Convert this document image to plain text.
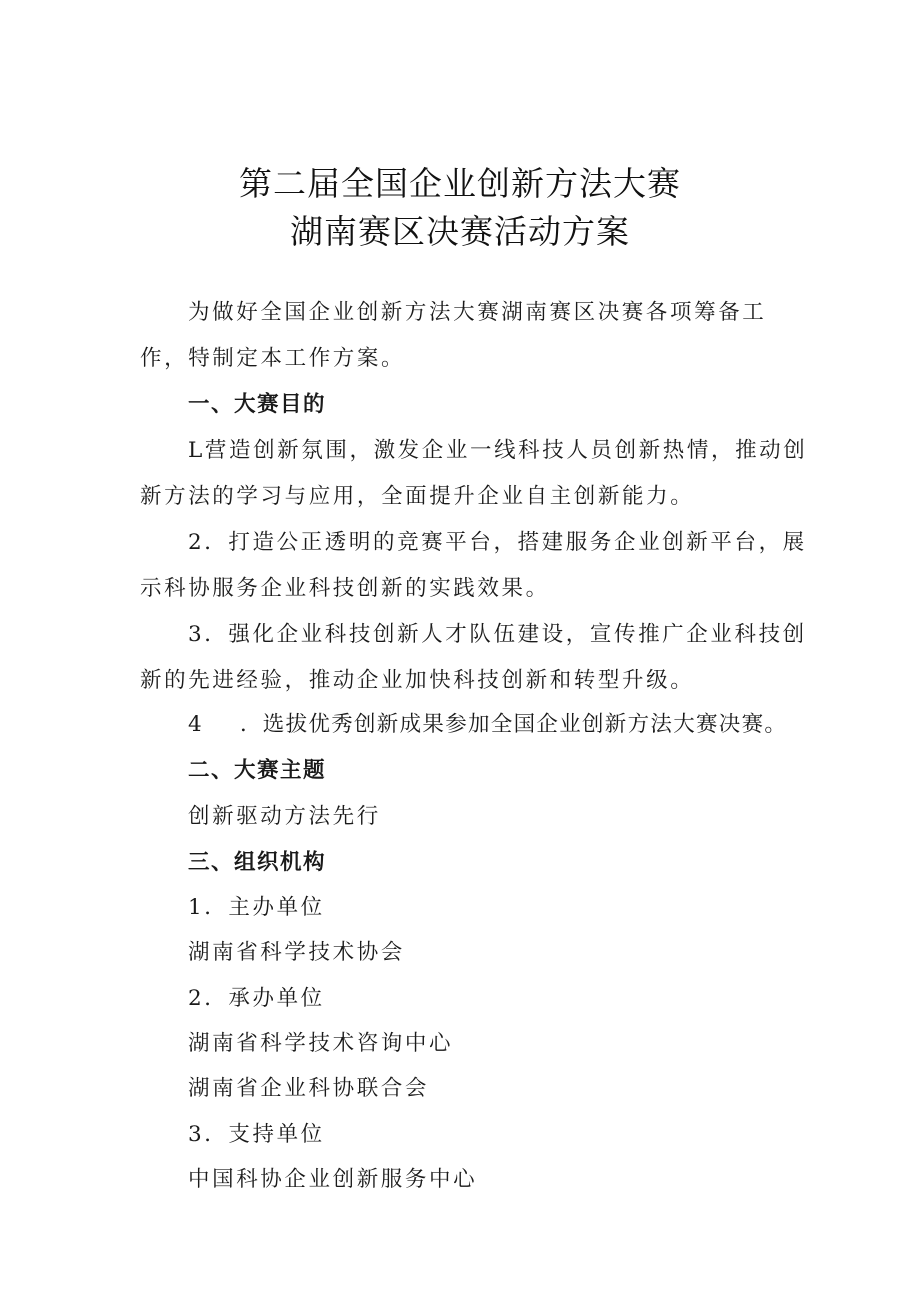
第二届全国企业创新方法大赛
湖南赛区决赛活动方案
为做好全国企业创新方法大赛湖南赛区决赛各项筹备工
作，特制定本工作方案。
一、大赛目的
L营造创新氛围，激发企业一线科技人员创新热情，推动创
新方法的学习与应用，全面提升企业自主创新能力。
2．打造公正透明的竞赛平台，搭建服务企业创新平台，展
示科协服务企业科技创新的实践效果。
3．强化企业科技创新人才队伍建设，宣传推广企业科技创
新的先进经验，推动企业加快科技创新和转型升级。
4 ．选拔优秀创新成果参加全国企业创新方法大赛决赛。
二、大赛主题
创新驱动方法先行
三、组织机构
1．主办单位
湖南省科学技术协会
2．承办单位
湖南省科学技术咨询中心
湖南省企业科协联合会
3．支持单位
中国科协企业创新服务中心
